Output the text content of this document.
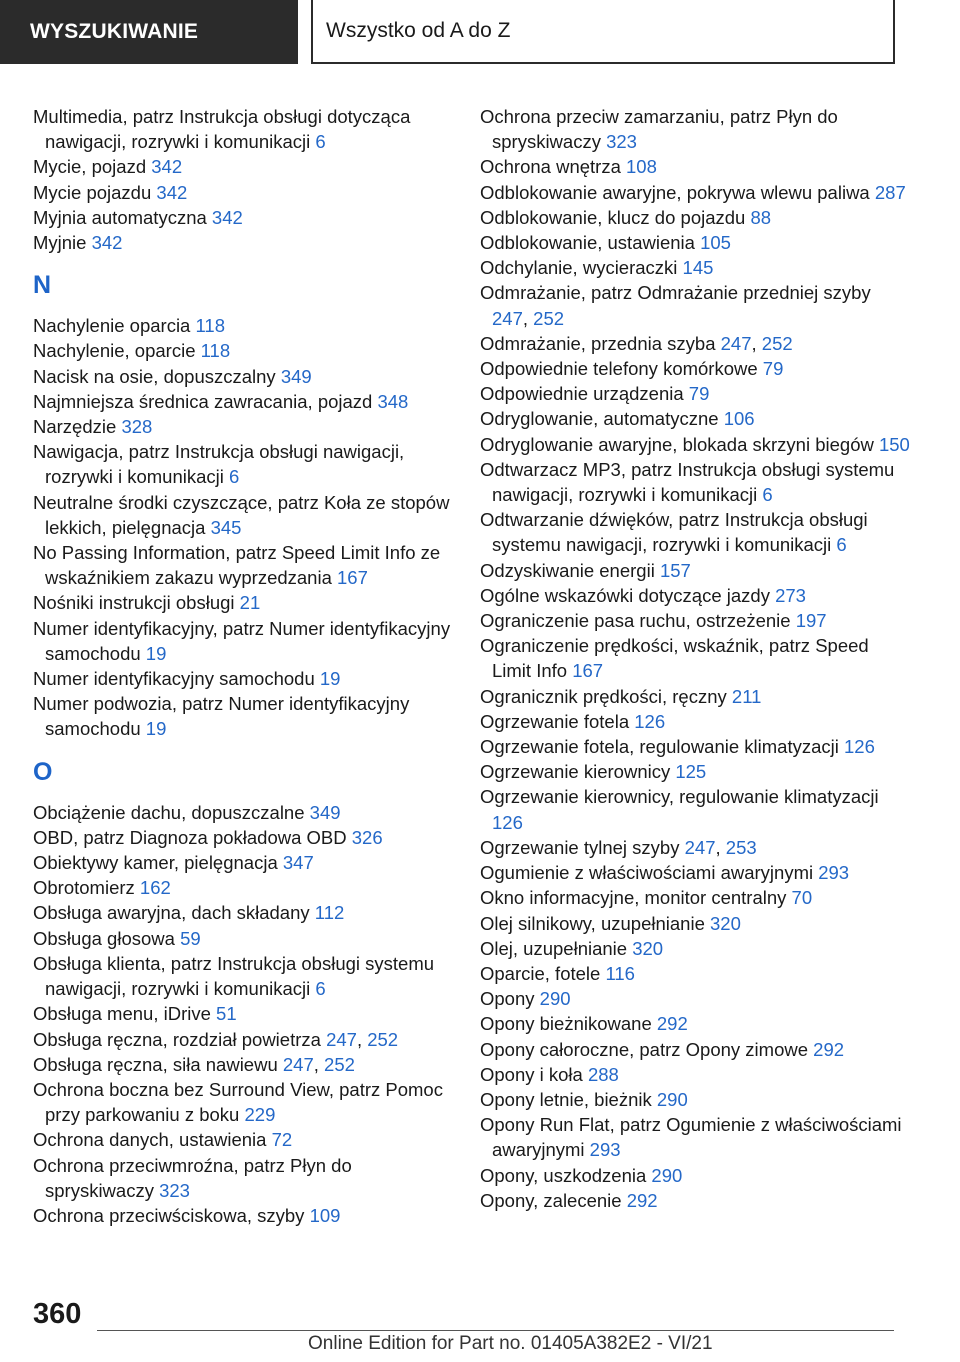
WYSZUKIWANIE	Wszystko od A do Z
Multimedia, patrz Instrukcja obsługi dotycząca nawigacji, rozrywki i komunikacji 6
Mycie, pojazd 342
Mycie pojazdu 342
Myjnia automatyczna 342
Myjnie 342
N
Nachylenie oparcia 118
Nachylenie, oparcie 118
Nacisk na osie, dopuszczalny 349
Najmniejsza średnica zawracania, pojazd 348
Narzędzie 328
Nawigacja, patrz Instrukcja obsługi nawigacji, rozrywki i komunikacji 6
Neutralne środki czyszczące, patrz Koła ze stopów lekkich, pielęgnacja 345
No Passing Information, patrz Speed Limit Info ze wskaźnikiem zakazu wyprzedzania 167
Nośniki instrukcji obsługi 21
Numer identyfikacyjny, patrz Numer identyfikacyjny samochodu 19
Numer identyfikacyjny samochodu 19
Numer podwozia, patrz Numer identyfikacyjny samochodu 19
O
Obciążenie dachu, dopuszczalne 349
OBD, patrz Diagnoza pokładowa OBD 326
Obiektywy kamer, pielęgnacja 347
Obrotomierz 162
Obsługa awaryjna, dach składany 112
Obsługa głosowa 59
Obsługa klienta, patrz Instrukcja obsługi systemu nawigacji, rozrywki i komunikacji 6
Obsługa menu, iDrive 51
Obsługa ręczna, rozdział powietrza 247, 252
Obsługa ręczna, siła nawiewu 247, 252
Ochrona boczna bez Surround View, patrz Pomoc przy parkowaniu z boku 229
Ochrona danych, ustawienia 72
Ochrona przeciwmroźna, patrz Płyn do spryskiwaczy 323
Ochrona przeciwściskowa, szyby 109
Ochrona przeciw zamarzaniu, patrz Płyn do spryskiwaczy 323
Ochrona wnętrza 108
Odblokowanie awaryjne, pokrywa wlewu paliwa 287
Odblokowanie, klucz do pojazdu 88
Odblokowanie, ustawienia 105
Odchylanie, wycieraczki 145
Odmrażanie, patrz Odmrażanie przedniej szyby 247, 252
Odmrażanie, przednia szyba 247, 252
Odpowiednie telefony komórkowe 79
Odpowiednie urządzenia 79
Odryglowanie, automatyczne 106
Odryglowanie awaryjne, blokada skrzyni biegów 150
Odtwarzacz MP3, patrz Instrukcja obsługi systemu nawigacji, rozrywki i komunikacji 6
Odtwarzanie dźwięków, patrz Instrukcja obsługi systemu nawigacji, rozrywki i komunikacji 6
Odzyskiwanie energii 157
Ogólne wskazówki dotyczące jazdy 273
Ograniczenie pasa ruchu, ostrzeżenie 197
Ograniczenie prędkości, wskaźnik, patrz Speed Limit Info 167
Ogranicznik prędkości, ręczny 211
Ogrzewanie fotela 126
Ogrzewanie fotela, regulowanie klimatyzacji 126
Ogrzewanie kierownicy 125
Ogrzewanie kierownicy, regulowanie klimatyzacji 126
Ogrzewanie tylnej szyby 247, 253
Ogumienie z właściwościami awaryjnymi 293
Okno informacyjne, monitor centralny 70
Olej silnikowy, uzupełnianie 320
Olej, uzupełnianie 320
Oparcie, fotele 116
Opony 290
Opony bieżnikowane 292
Opony całoroczne, patrz Opony zimowe 292
Opony i koła 288
Opony letnie, bieżnik 290
Opony Run Flat, patrz Ogumienie z właściwościami awaryjnymi 293
Opony, uszkodzenia 290
Opony, zalecenie 292
360
Online Edition for Part no. 01405A382E2 - VI/21
